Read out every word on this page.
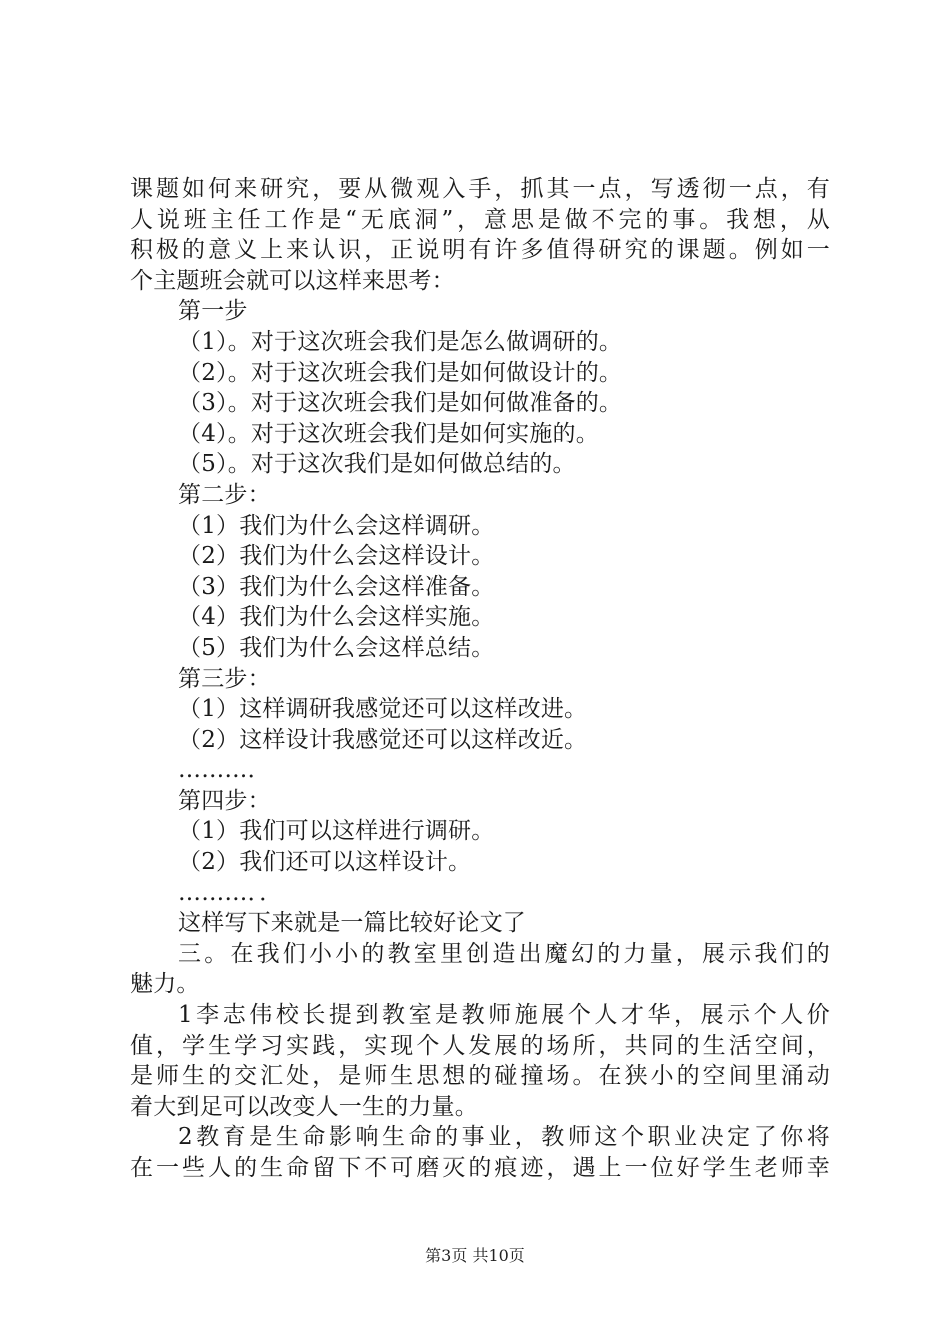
课题如何来研究，要从微观入手，抓其一点，写透彻一点，有
人说班主任工作是“无底洞”，意思是做不完的事。我想，从
积极的意义上来认识，正说明有许多值得研究的课题。例如一
个主题班会就可以这样来思考：
第一步
（1）。对于这次班会我们是怎么做调研的。
（2）。对于这次班会我们是如何做设计的。
（3）。对于这次班会我们是如何做准备的。
（4）。对于这次班会我们是如何实施的。
（5）。对于这次我们是如何做总结的。
第二步：
（1）我们为什么会这样调研。
（2）我们为什么会这样设计。
（3）我们为什么会这样准备。
（4）我们为什么会这样实施。
（5）我们为什么会这样总结。
第三步：
（1）这样调研我感觉还可以这样改进。
（2）这样设计我感觉还可以这样改近。
………．
第四步：
（1）我们可以这样进行调研。
（2）我们还可以这样设计。
………．．
这样写下来就是一篇比较好论文了
三。在我们小小的教室里创造出魔幻的力量，展示我们的
魅力。
1李志伟校长提到教室是教师施展个人才华，展示个人价
值，学生学习实践，实现个人发展的场所，共同的生活空间，
是师生的交汇处，是师生思想的碰撞场。在狭小的空间里涌动
着大到足可以改变人一生的力量。
2教育是生命影响生命的事业，教师这个职业决定了你将
在一些人的生命留下不可磨灭的痕迹，遇上一位好学生老师幸
第3页 共10页
